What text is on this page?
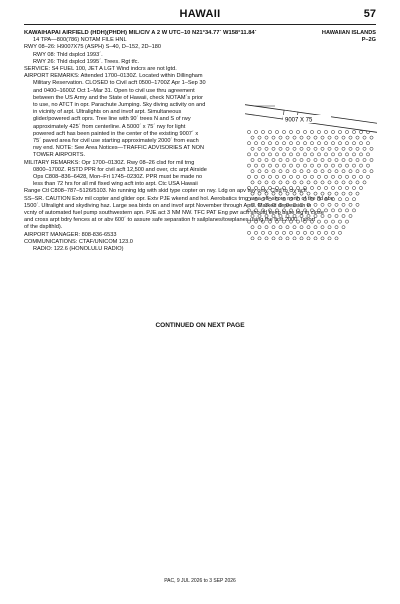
HAWAII	57
HAWAIIAN ISLANDS
P–2G
KAWAIHAPAI AIRFIELD (HDH)(PHDH) MIL/CIV A 2 W UTC–10 N21°34.77´ W158°11.84´
14 TPA—800(786) NOTAM FILE HNL
RWY 08–26: H9007X75 (ASPH) S–40, D–152, 2D–180
RWY 08: Thld dsplcd 1993´.
RWY 26: Thld dsplcd 1995´. Trees. Rgt tfc.
SERVICE: S4 FUEL 100, JET A LGT Wind indcrs are not lgtd.
AIRPORT REMARKS: Attended 1700–0130Z. Located within Dillingham
Military Reservation. CLOSED to Civil acft 0500–1700Z Apr 1–Sep 30
and 0400–1600Z Oct 1–Mar 31. Open to civil use thru agreement
between the US Army and the State of Hawaii, check NOTAM´s prior
to use, no ATCT in opr. Parachute Jumping. Sky diving activity on and
in vicinity of arpt. Ultralights on and invof arpt. Simultaneous
glider/powered acft oprs. Tree line with 90´ trees N and S of rwy
approximately 425´ from centerline. A 5000´ x 75´ rwy for light
powered acft has been painted in the center of the existing 9007´ x
75´ paved area for civil use starting approximately 2000´ from each
rwy end. NOTE: See Area Notices—TRAFFIC ADVISORIES AT NON
TOWER AIRPORTS.
MILITARY REMARKS: Opr 1700–0130Z. Rwy 08–26 clsd for mil trng
0800–1700Z. RSTD PPR for civil acft 12,500 and over, ctc arpt Airside
Ops C808–836–6428, Mon–Fri 1745–0230Z. PPR must be made no
less than 72 hrs for all mil fixed wing acft into arpt. Ctc USA Hawaii
Range Ctl C808–787–5126/5103. No running ldg with skid type copter on rwy. Ldg on apv twy only. Clsd to civ acft
SS–SR. CAUTION Extv mil copter and glider opr. Extv PJE wkend and hol. Aerobatics trng area off–shore north of the fld abv
1500´. Ultralight and skydiving haz. Large sea birds on and invof arpt November through April. Marked depression in
vcnty of automated fuel pump southwestern apn. PJE act 3 NM NW. TFC PAT Eng pwr acft should keep base leg in close
and cross arpt bdry fences at or abv 600´ to assure safe separation fr sailplanes/towplanes using the first 2000´ (short
of the dsplthld).
AIRPORT MANAGER: 808-836-6533
COMMUNICATIONS: CTAF/UNICOM 123.0
RADIO: 122.6 (HONOLULU RADIO)
9007 X 75
CONTINUED ON NEXT PAGE
PAC, 9 JUL 2026 to 3 SEP 2026
